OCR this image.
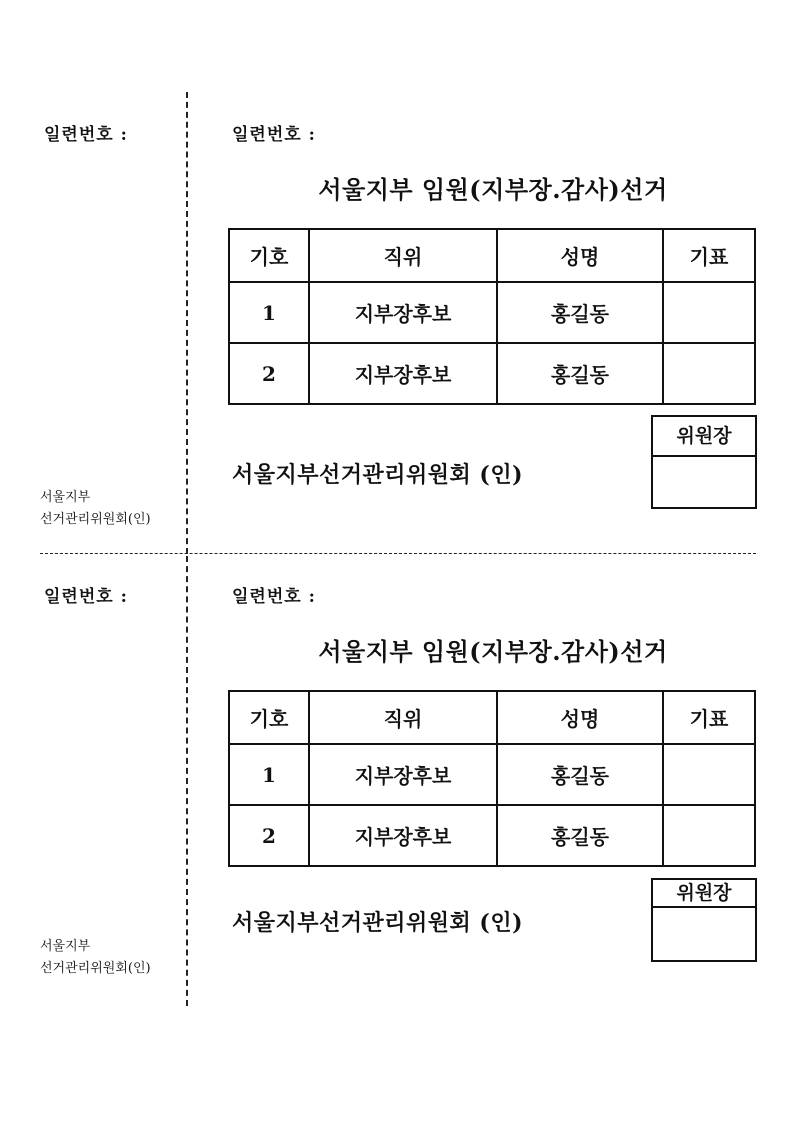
일련번호 :	일련번호 :
서울지부 임원(지부장.감사)선거
기호	직위	성명	기표
1	지부장후보	홍길동	
2	지부장후보	홍길동	
서울지부선거관리위원회 (인)
위원장
서울지부
선거관리위원회(인)
일련번호 :	일련번호 :
서울지부 임원(지부장.감사)선거
기호	직위	성명	기표
1	지부장후보	홍길동	
2	지부장후보	홍길동	
서울지부선거관리위원회 (인)
위원장
서울지부
선거관리위원회(인)
